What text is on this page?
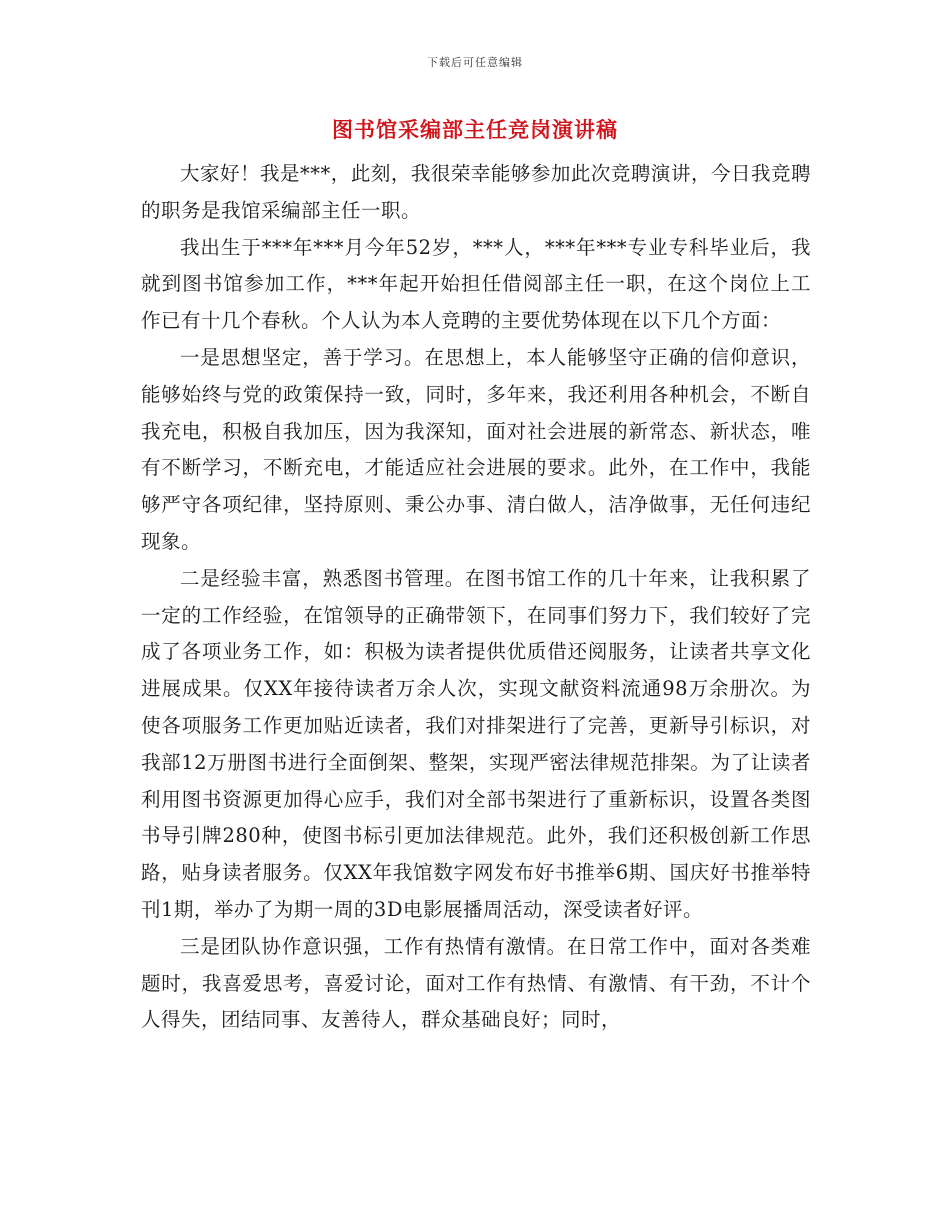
下载后可任意编辑
图书馆采编部主任竞岗演讲稿

大家好！我是***，此刻，我很荣幸能够参加此次竞聘演讲，今日我竞聘的职务是我馆采编部主任一职。

我出生于***年***月今年52岁，***人，***年***专业专科毕业后，我就到图书馆参加工作，***年起开始担任借阅部主任一职，在这个岗位上工作已有十几个春秋。个人认为本人竞聘的主要优势体现在以下几个方面：

一是思想坚定，善于学习。在思想上，本人能够坚守正确的信仰意识，能够始终与党的政策保持一致，同时，多年来，我还利用各种机会，不断自我充电，积极自我加压，因为我深知，面对社会进展的新常态、新状态，唯有不断学习，不断充电，才能适应社会进展的要求。此外，在工作中，我能够严守各项纪律，坚持原则、秉公办事、清白做人，洁净做事，无任何违纪现象。

二是经验丰富，熟悉图书管理。在图书馆工作的几十年来，让我积累了一定的工作经验，在馆领导的正确带领下，在同事们努力下，我们较好了完成了各项业务工作，如：积极为读者提供优质借还阅服务，让读者共享文化进展成果。仅XX年接待读者万余人次，实现文献资料流通98万余册次。为使各项服务工作更加贴近读者，我们对排架进行了完善，更新导引标识，对我部12万册图书进行全面倒架、整架，实现严密法律规范排架。为了让读者利用图书资源更加得心应手，我们对全部书架进行了重新标识，设置各类图书导引牌280种，使图书标引更加法律规范。此外，我们还积极创新工作思路，贴身读者服务。仅XX年我馆数字网发布好书推举6期、国庆好书推举特刊1期，举办了为期一周的3D电影展播周活动，深受读者好评。

三是团队协作意识强，工作有热情有激情。在日常工作中，面对各类难题时，我喜爱思考，喜爱讨论，面对工作有热情、有激情、有干劲，不计个人得失，团结同事、友善待人，群众基础良好；同时，
